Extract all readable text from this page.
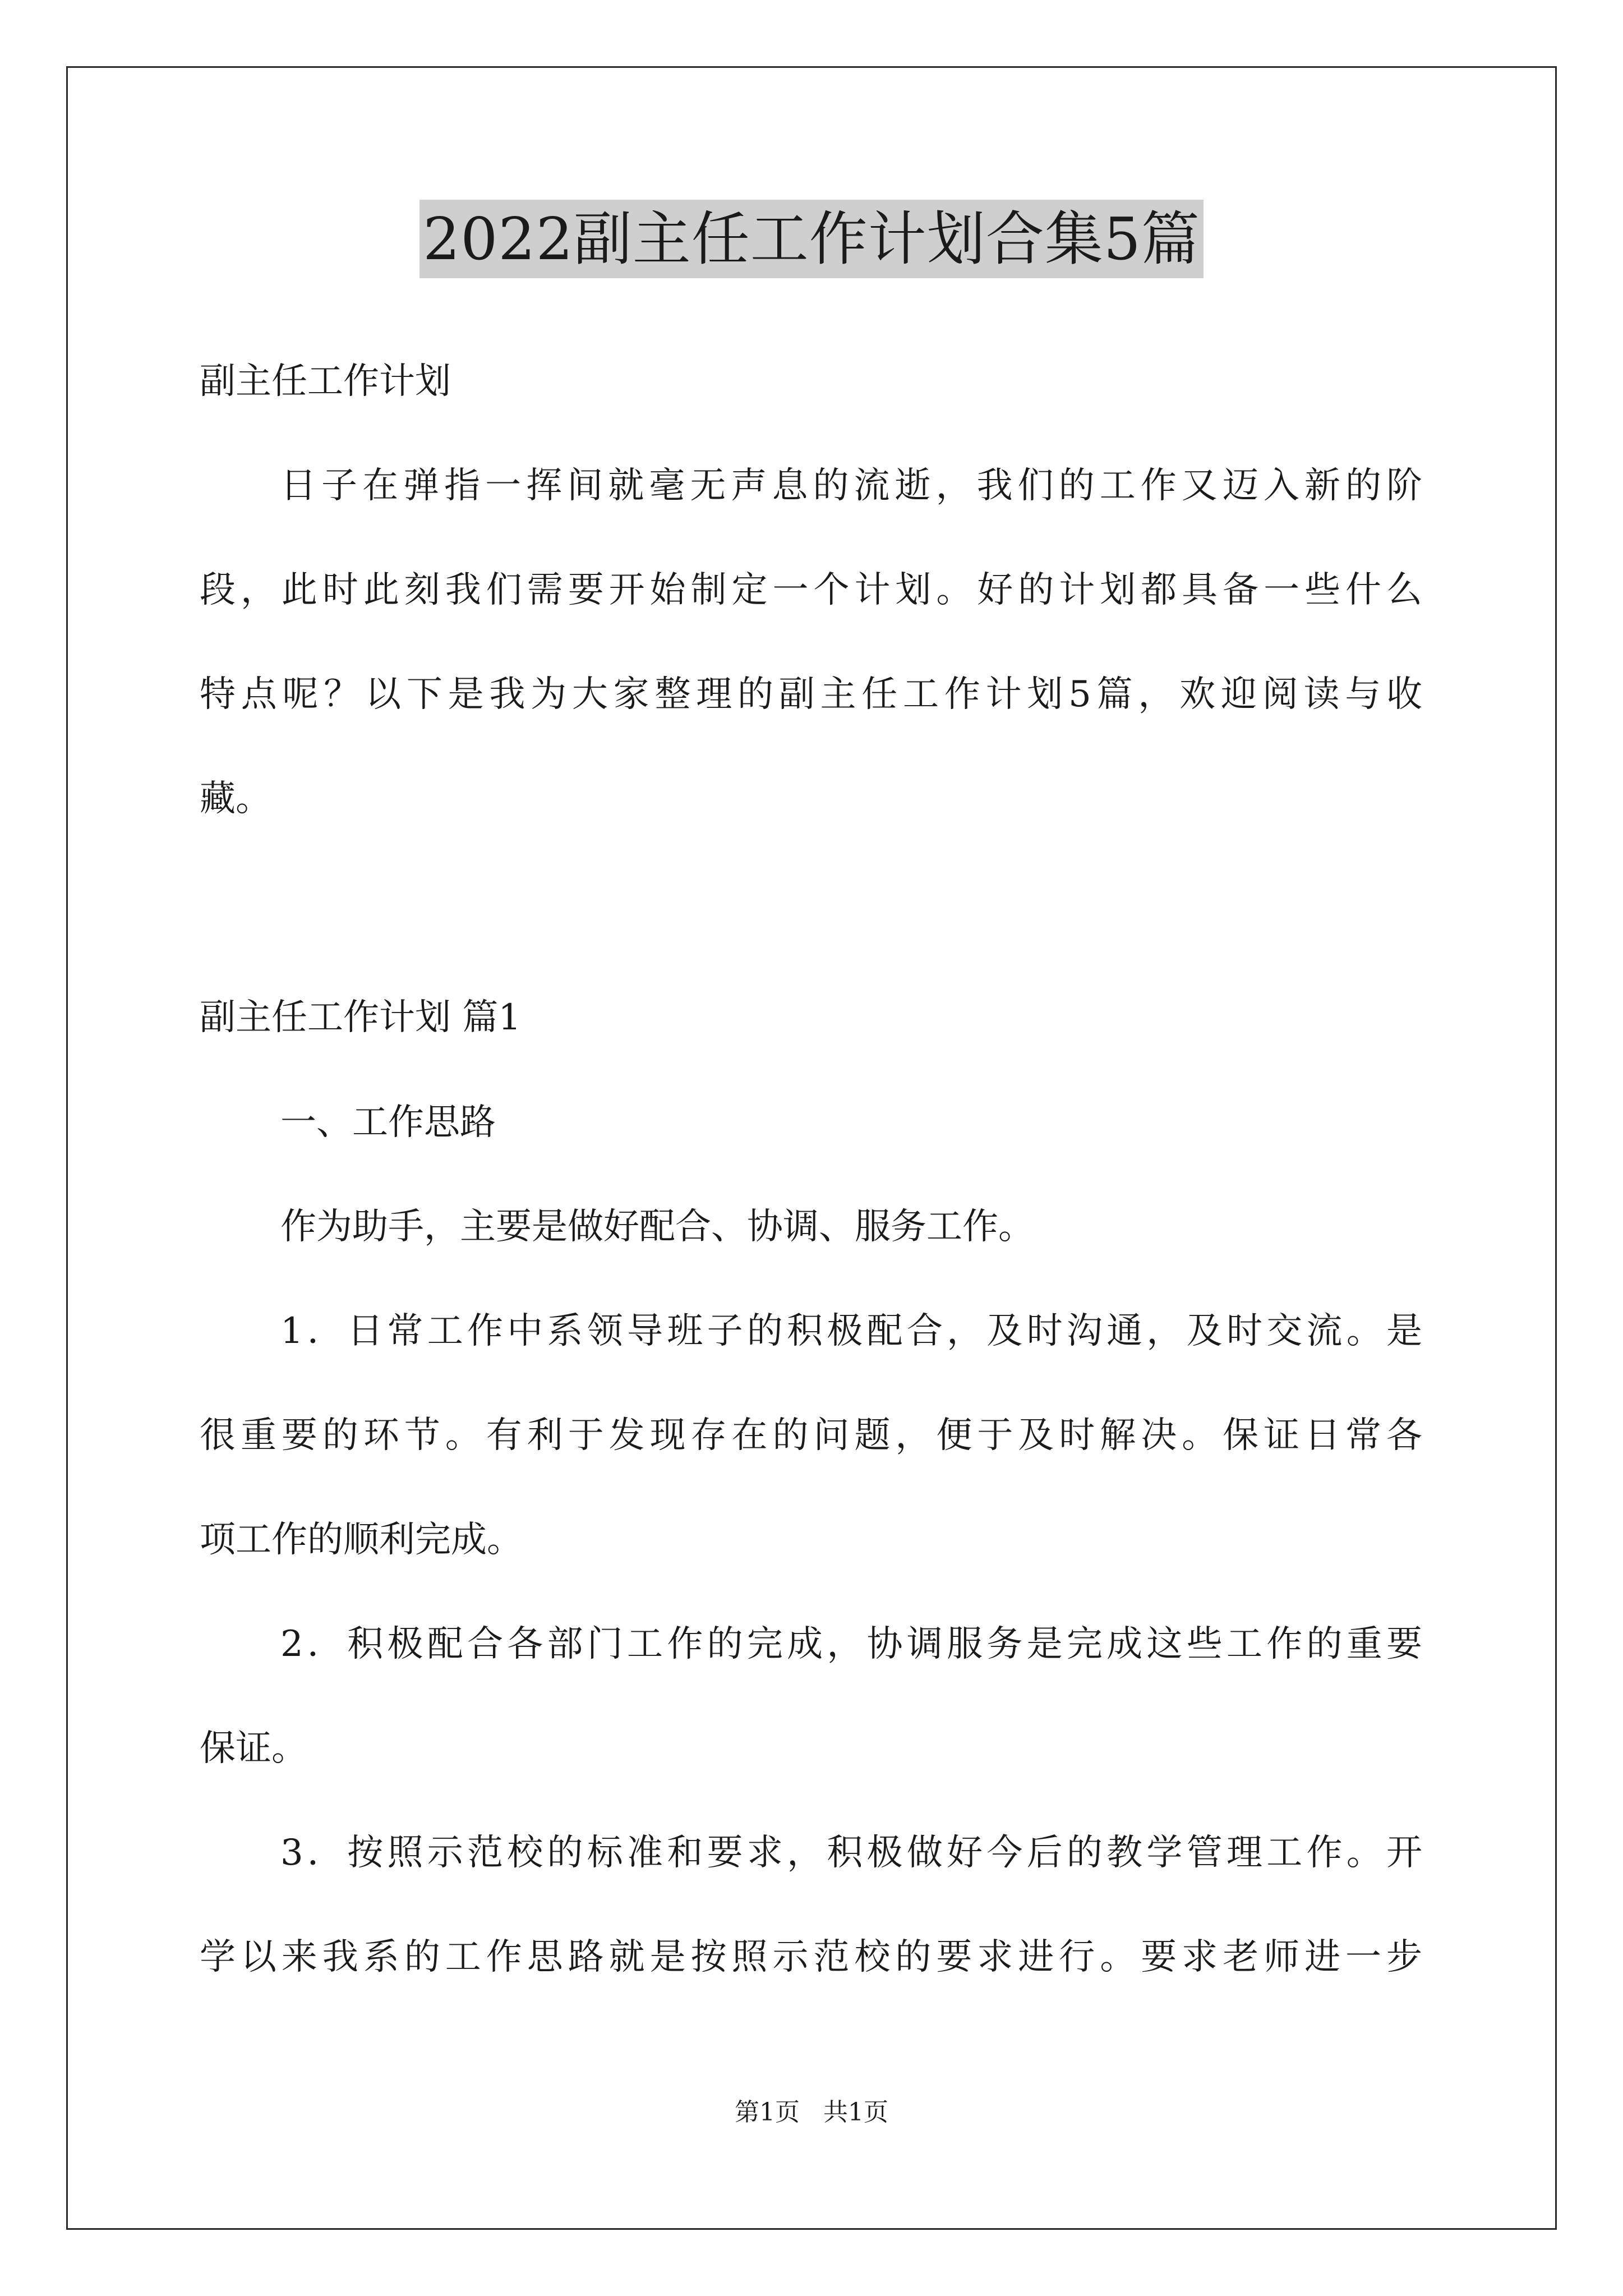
2022副主任工作计划合集5篇
副主任工作计划
日子在弹指一挥间就毫无声息的流逝，我们的工作又迈入新的阶
段，此时此刻我们需要开始制定一个计划。好的计划都具备一些什么
特点呢？以下是我为大家整理的副主任工作计划5篇，欢迎阅读与收
藏。
副主任工作计划 篇1
一、工作思路
作为助手，主要是做好配合、协调、服务工作。
1．日常工作中系领导班子的积极配合，及时沟通，及时交流。是
很重要的环节。有利于发现存在的问题，便于及时解决。保证日常各
项工作的顺利完成。
2．积极配合各部门工作的完成，协调服务是完成这些工作的重要
保证。
3．按照示范校的标准和要求，积极做好今后的教学管理工作。开
学以来我系的工作思路就是按照示范校的要求进行。要求老师进一步
第1页   共1页
